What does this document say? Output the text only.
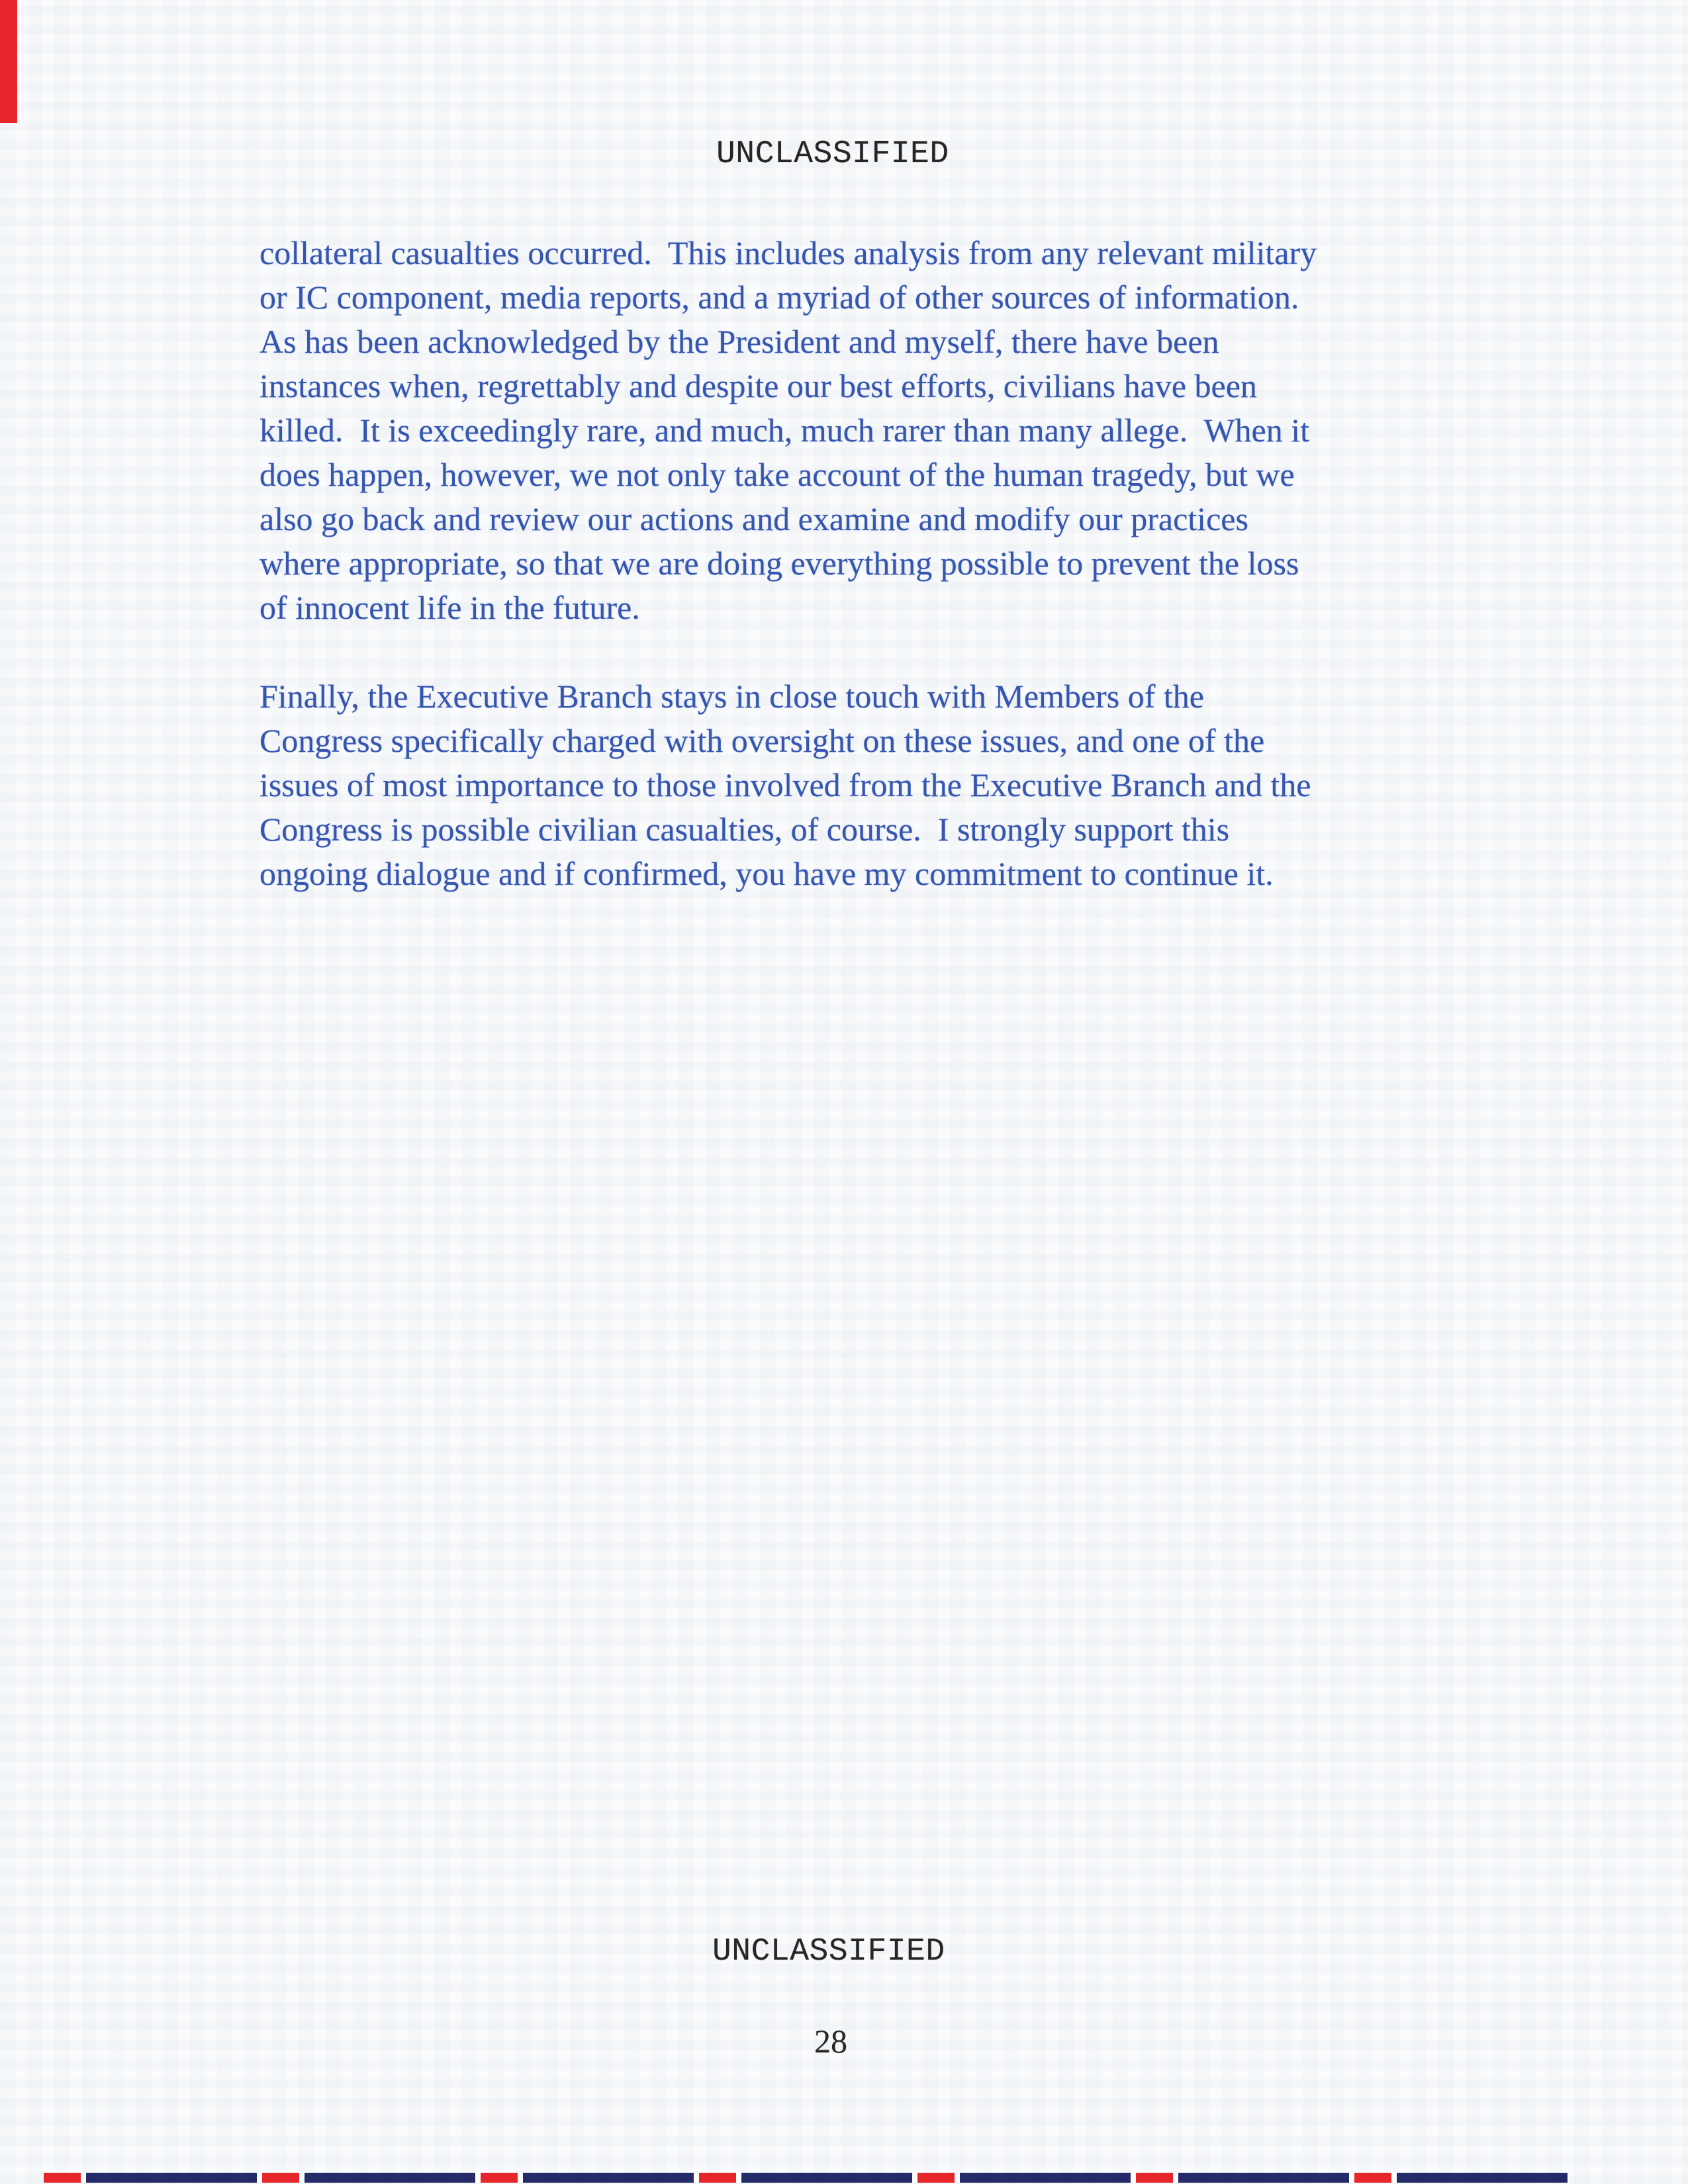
UNCLASSIFIED
collateral casualties occurred.  This includes analysis from any relevant military
or IC component, media reports, and a myriad of other sources of information.
As has been acknowledged by the President and myself, there have been
instances when, regrettably and despite our best efforts, civilians have been
killed.  It is exceedingly rare, and much, much rarer than many allege.  When it
does happen, however, we not only take account of the human tragedy, but we
also go back and review our actions and examine and modify our practices
where appropriate, so that we are doing everything possible to prevent the loss
of innocent life in the future.
Finally, the Executive Branch stays in close touch with Members of the
Congress specifically charged with oversight on these issues, and one of the
issues of most importance to those involved from the Executive Branch and the
Congress is possible civilian casualties, of course.  I strongly support this
ongoing dialogue and if confirmed, you have my commitment to continue it.
UNCLASSIFIED
28
